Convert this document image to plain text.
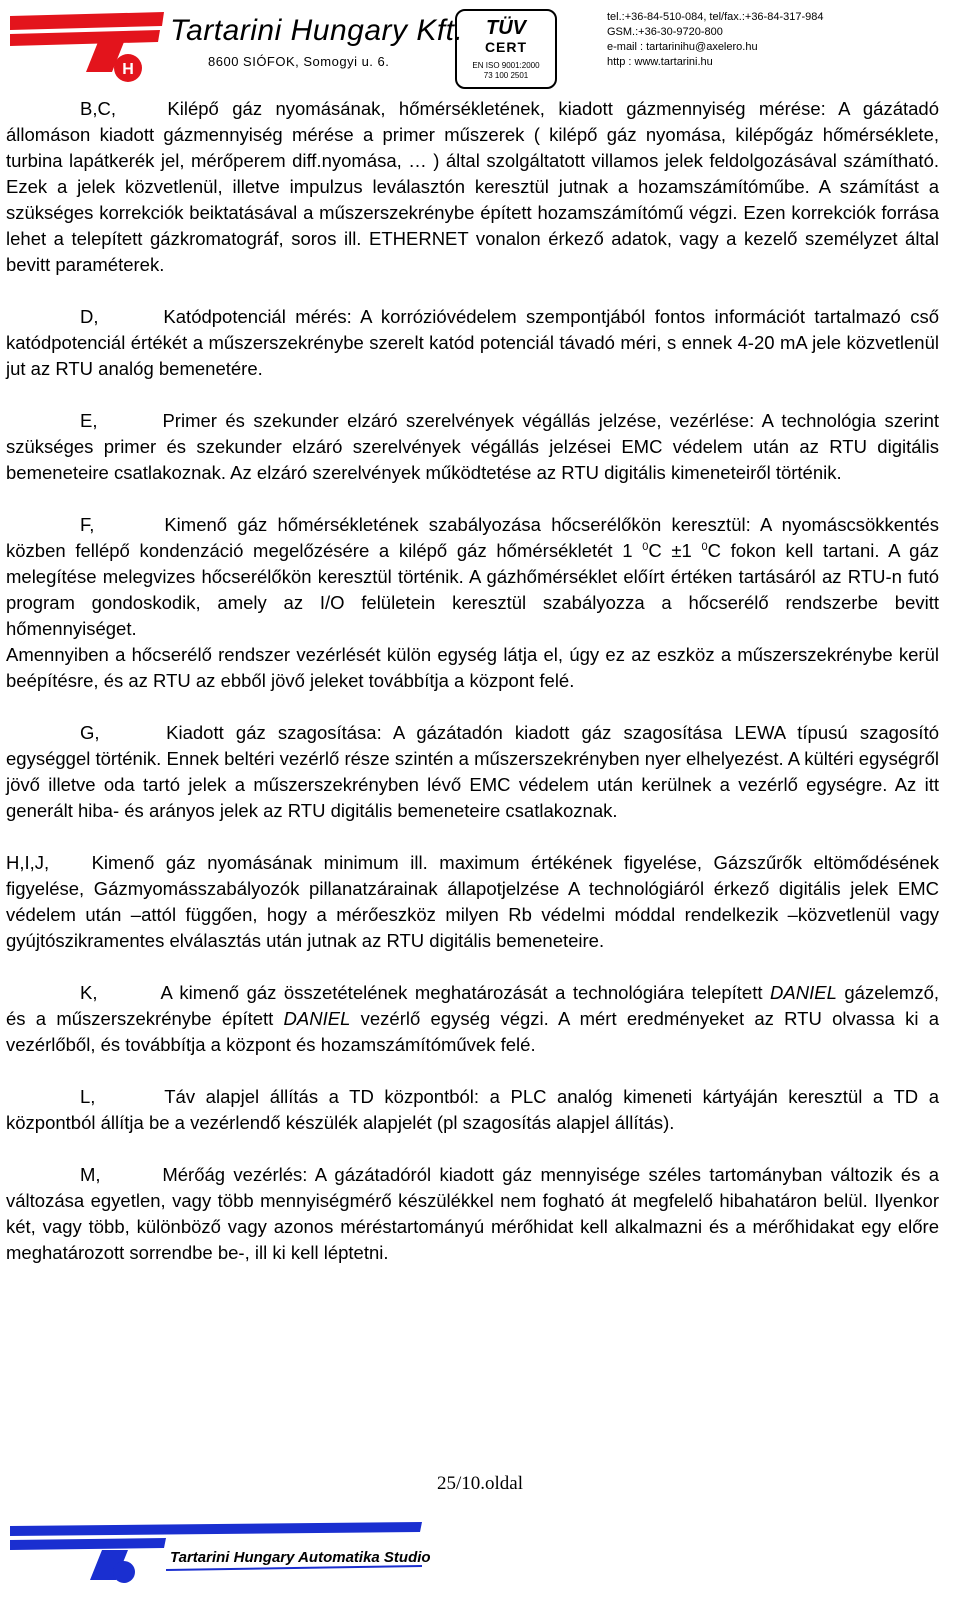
H
Tartarini Hungary Kft.
8600 SIÓFOK, Somogyi u. 6.
TÜV
CERT
EN ISO 9001:2000
73 100 2501
tel.:+36-84-510-084, tel/fax.:+36-84-317-984
GSM.:+36-30-9720-800
e-mail : tartarinihu@axelero.hu
http : www.tartarini.hu

B,C,	Kilépő gáz nyomásának, hőmérsékletének, kiadott gázmennyiség mérése: A gázátadó állomáson kiadott gázmennyiség mérése a primer műszerek ( kilépő gáz nyomása, kilépőgáz hőmérséklete, turbina lapátkerék jel, mérőperem diff.nyomása, … ) által szolgáltatott villamos jelek feldolgozásával számítható. Ezek a jelek közvetlenül, illetve impulzus leválasztón keresztül jutnak a hozamszámítóműbe. A számítást a szükséges korrekciók beiktatásával a műszerszekrénybe épített hozamszámítómű végzi. Ezen korrekciók forrása lehet a telepített gázkromatográf, soros ill. ETHERNET vonalon érkező adatok, vagy a kezelő személyzet által bevitt paraméterek.

D,	Katódpotenciál mérés: A korrózióvédelem szempontjából fontos információt tartalmazó cső katódpotenciál értékét a műszerszekrénybe szerelt katód potenciál távadó méri, s ennek 4-20 mA jele közvetlenül jut az RTU analóg bemenetére.

E,	Primer és szekunder elzáró szerelvények végállás jelzése, vezérlése: A technológia szerint szükséges primer és szekunder elzáró szerelvények végállás jelzései EMC védelem után az RTU digitális bemeneteire csatlakoznak. Az elzáró szerelvények működtetése az RTU digitális kimeneteiről történik.

F,	Kimenő gáz hőmérsékletének szabályozása hőcserélőkön keresztül: A nyomáscsökkentés közben fellépő kondenzáció megelőzésére a kilépő gáz hőmérsékletét 1 $^0$C ±1 $^0$C fokon kell tartani. A gáz melegítése melegvizes hőcserélőkön keresztül történik. A gázhőmérséklet előírt értéken tartásáról az RTU-n futó program gondoskodik, amely az I/O felületein keresztül szabályozza a hőcserélő rendszerbe bevitt hőmennyiséget.

Amennyiben a hőcserélő rendszer vezérlését külön egység látja el, úgy ez az eszköz a műszerszekrénybe kerül beépítésre, és az RTU az ebből jövő jeleket továbbítja a központ felé.

G,	Kiadott gáz szagosítása: A gázátadón kiadott gáz szagosítása LEWA típusú szagosító egységgel történik. Ennek beltéri vezérlő része szintén a műszerszekrényben nyer elhelyezést. A kültéri egységről jövő illetve oda tartó jelek a műszerszekrényben lévő EMC védelem után kerülnek a vezérlő egységre. Az itt generált hiba- és arányos jelek az RTU digitális bemeneteire csatlakoznak.

H,I,J, Kimenő gáz nyomásának minimum ill. maximum értékének figyelése, Gázszűrők eltömődésének figyelése, Gázmyomásszabályozók pillanatzárainak állapotjelzése A technológiáról érkező digitális jelek EMC védelem után –attól függően, hogy a mérőeszköz milyen Rb védelmi móddal rendelkezik –közvetlenül vagy gyújtószikramentes elválasztás után jutnak az RTU digitális bemeneteire.

K,	A kimenő gáz összetételének meghatározását a technológiára telepített DANIEL gázelemző, és a műszerszekrénybe épített DANIEL vezérlő egység végzi. A mért eredményeket az RTU olvassa ki a vezérlőből, és továbbítja a központ és hozamszámítóművek felé.

L,	Táv alapjel állítás a TD központból: a PLC analóg kimeneti kártyáján keresztül a TD a központból állítja be a vezérlendő készülék alapjelét (pl szagosítás alapjel állítás).

M,	Mérőág vezérlés: A gázátadóról kiadott gáz mennyisége széles tartományban változik és a változása egyetlen, vagy több mennyiségmérő készülékkel nem fogható át megfelelő hibahatáron belül. Ilyenkor két, vagy több, különböző vagy azonos méréstartományú mérőhidat kell alkalmazni és a mérőhidakat egy előre meghatározott sorrendbe be-, ill ki kell léptetni.

25/10.oldal
Tartarini Hungary Automatika Studio
